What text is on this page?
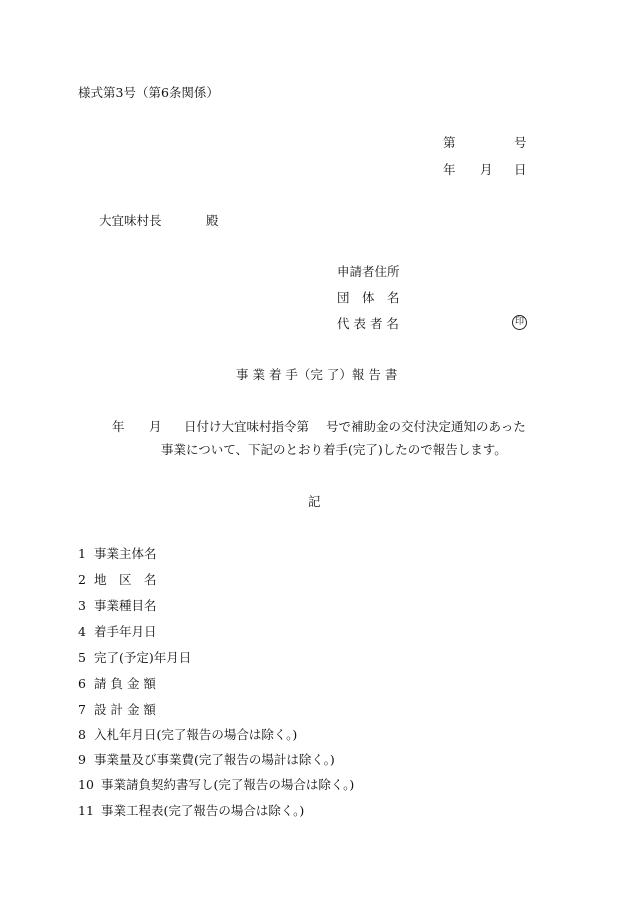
様式第3号（第6条関係）
第	号
年 月 日
大宜味村長	殿
申請者住所
団　体　名
代 表 者 名	印
事 業 着 手（完 了）報 告 書
年 月 日付け大宜味村指令第 号で補助金の交付決定通知のあった
事業について、下記のとおり着手(完了)したので報告します。
記
1 事業主体名
2 地　区　名
3 事業種目名
4 着手年月日
5 完了(予定)年月日
6 請 負 金 額
7 設 計 金 額
8 入札年月日(完了報告の場合は除く。)
9 事業量及び事業費(完了報告の場計は除く。)
10 事業請負契約書写し(完了報告の場合は除く。)
11 事業工程表(完了報告の場合は除く。)
